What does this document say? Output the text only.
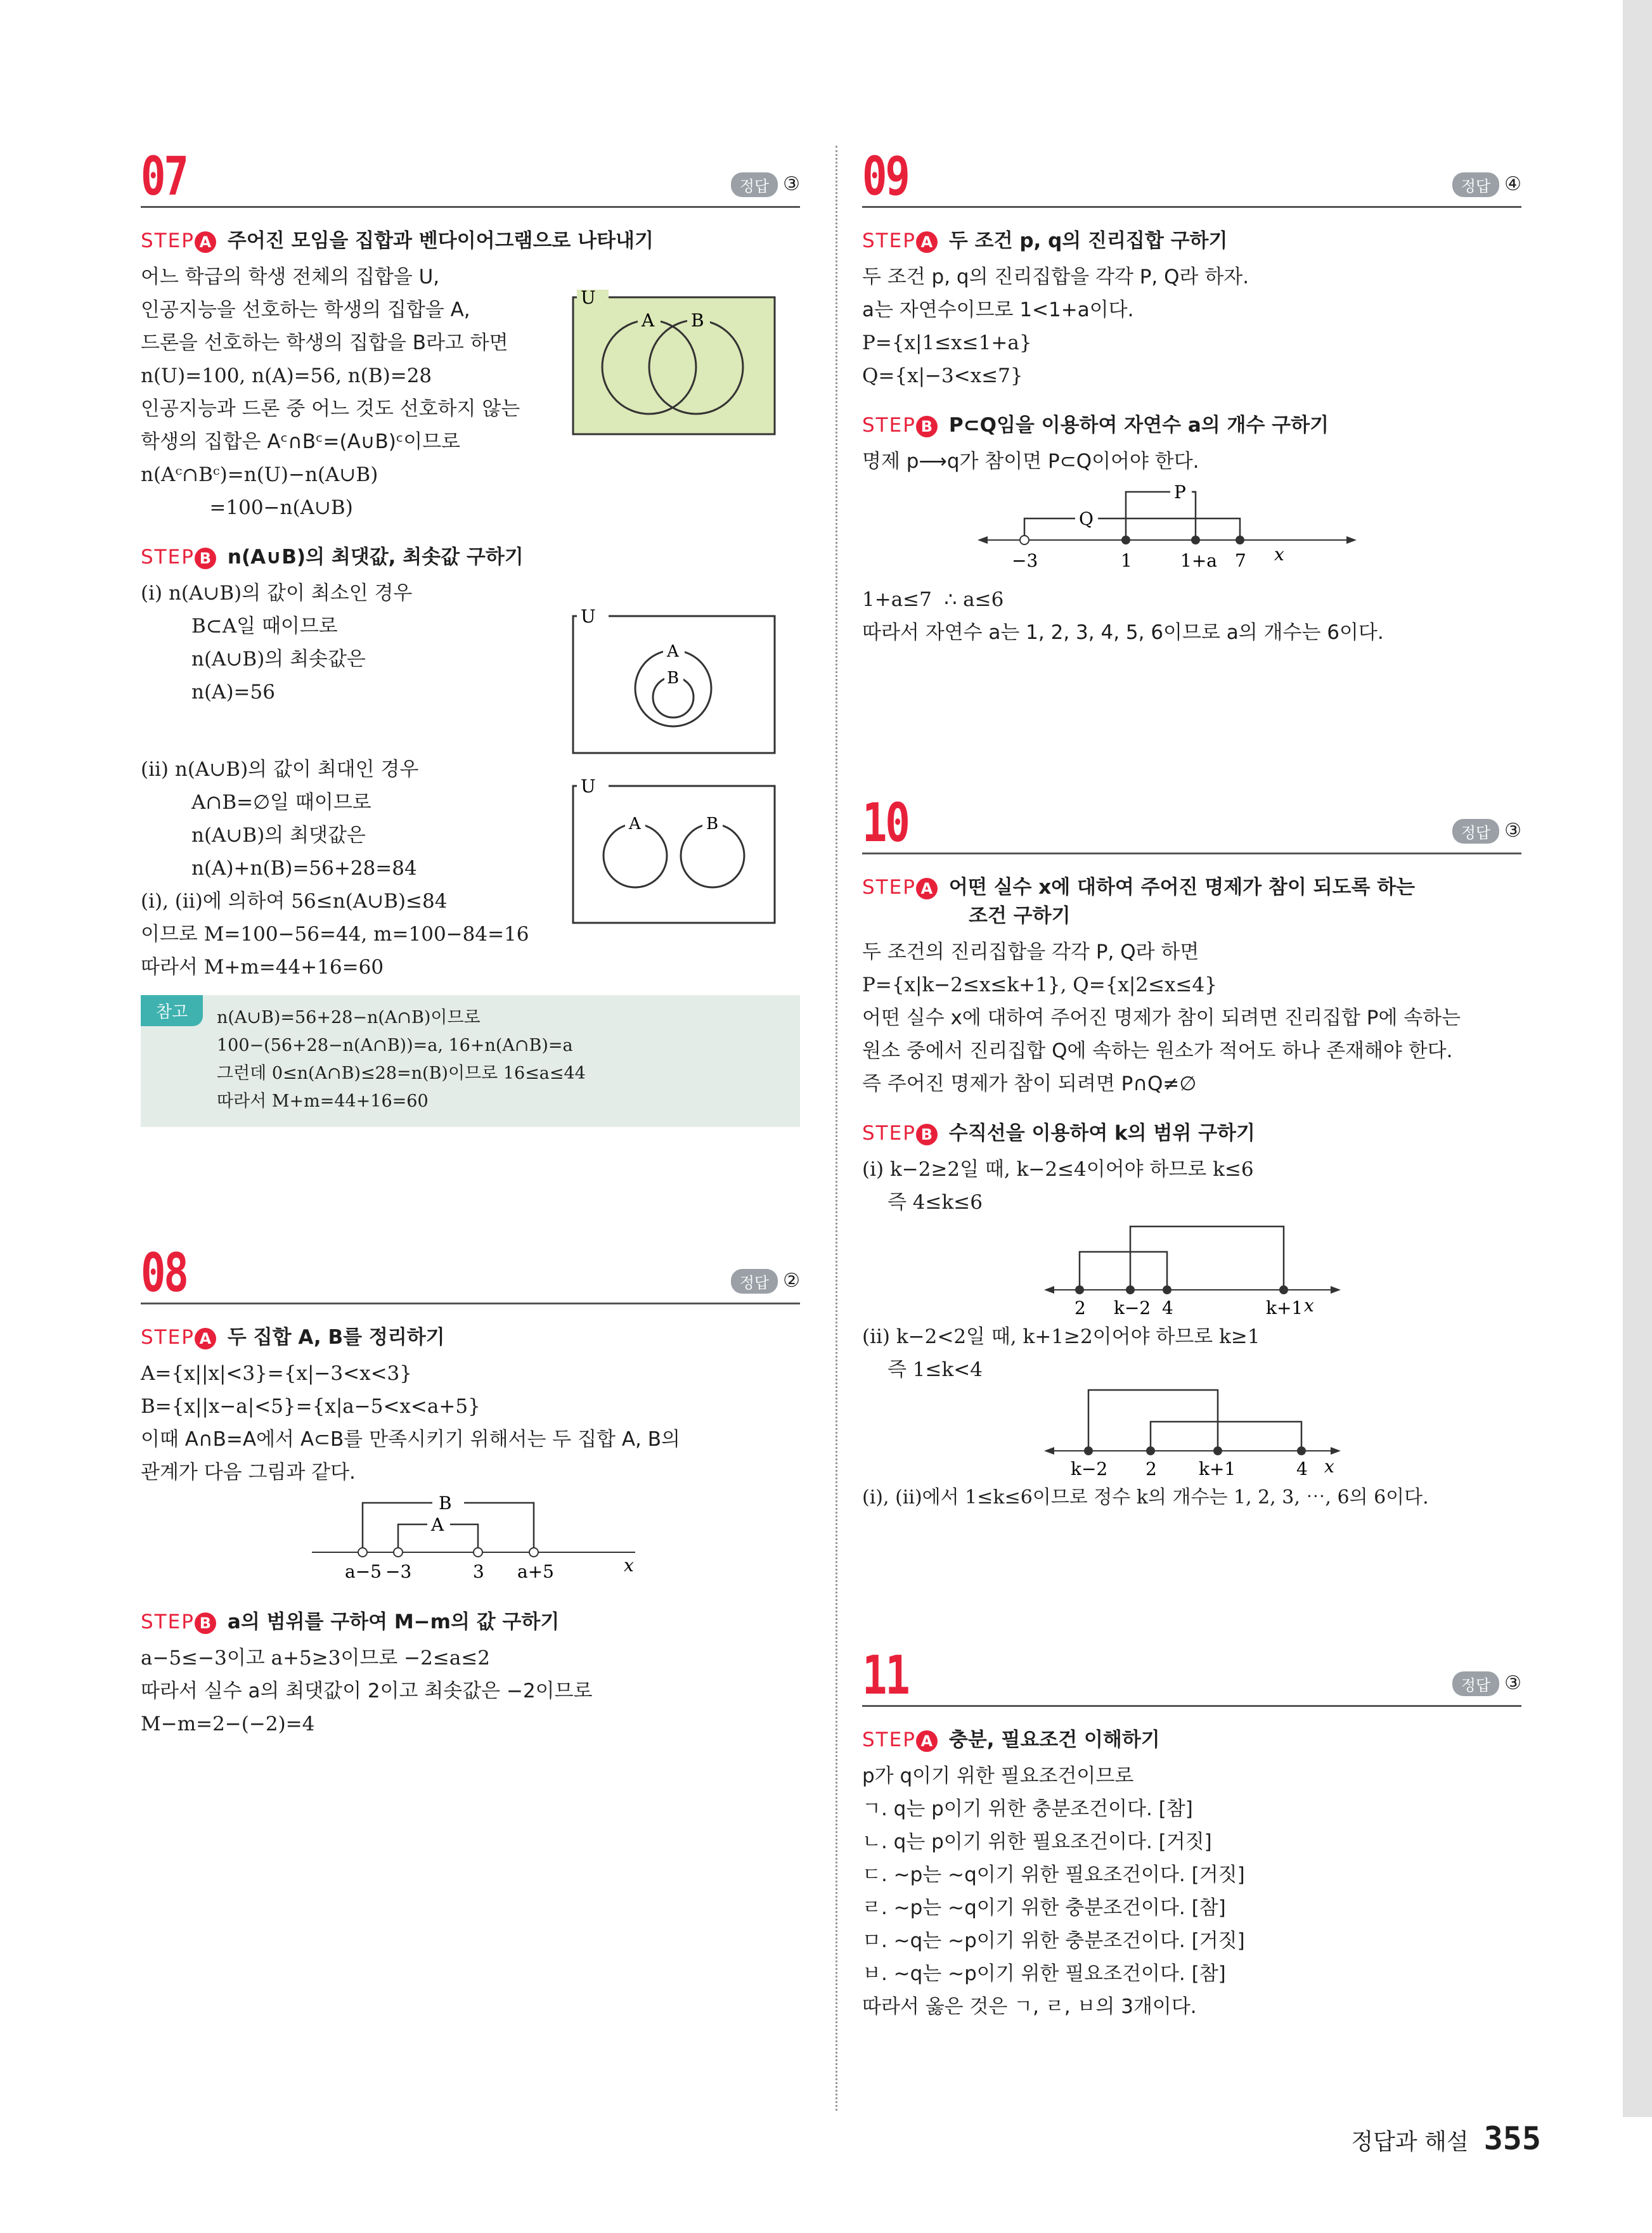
07	정답 ③
STEP A 주어진 모임을 집합과 벤다이어그램으로 나타내기
어느 학급의 학생 전체의 집합을 U,
인공지능을 선호하는 학생의 집합을 A,
드론을 선호하는 학생의 집합을 B라고 하면
n(U)=100, n(A)=56, n(B)=28
인공지능과 드론 중 어느 것도 선호하지 않는
학생의 집합은 Aᶜ∩Bᶜ=(A∪B)ᶜ이므로
n(Aᶜ∩Bᶜ)=n(U)−n(A∪B)
=100−n(A∪B)
U
A B
STEP B n(A∪B)의 최댓값, 최솟값 구하기
(ⅰ) n(A∪B)의 값이 최소인 경우
B⊂A일 때이므로
n(A∪B)의 최솟값은
n(A)=56
(ⅱ) n(A∪B)의 값이 최대인 경우
A∩B=∅일 때이므로
n(A∪B)의 최댓값은
n(A)+n(B)=56+28=84
(ⅰ), (ⅱ)에 의하여 56≤n(A∪B)≤84
이므로 M=100−56=44, m=100−84=16
따라서 M+m=44+16=60
U
A
B
U
A	B
참고	n(A∪B)=56+28−n(A∩B)이므로
100−(56+28−n(A∩B))=a, 16+n(A∩B)=a
그런데 0≤n(A∩B)≤28=n(B)이므로 16≤a≤44
따라서 M+m=44+16=60
08	정답 ②
STEP A 두 집합 A, B를 정리하기
A={x||x|<3}={x|−3<x<3}
B={x||x−a|<5}={x|a−5<x<a+5}
이때 A∩B=A에서 A⊂B를 만족시키기 위해서는 두 집합 A, B의
관계가 다음 그림과 같다.
B
A
a−5 −3	3 a+5	x
STEP B a의 범위를 구하여 M−m의 값 구하기
a−5≤−3이고 a+5≥3이므로 −2≤a≤2
따라서 실수 a의 최댓값이 2이고 최솟값은 −2이므로
M−m=2−(−2)=4
09	정답 ④
STEP A 두 조건 p, q의 진리집합 구하기
두 조건 p, q의 진리집합을 각각 P, Q라 하자.
a는 자연수이므로 1<1+a이다.
P={x|1≤x≤1+a}
Q={x|−3<x≤7}
STEP B P⊂Q임을 이용하여 자연수 a의 개수 구하기
명제 p⟶q가 참이면 P⊂Q이어야 한다.
Q
P
−3	1	1+a 7 x
1+a≤7  ∴ a≤6
따라서 자연수 a는 1, 2, 3, 4, 5, 6이므로 a의 개수는 6이다.
10	정답 ③
STEP A 어떤 실수 x에 대하여 주어진 명제가 참이 되도록 하는
조건 구하기
두 조건의 진리집합을 각각 P, Q라 하면
P={x|k−2≤x≤k+1}, Q={x|2≤x≤4}
어떤 실수 x에 대하여 주어진 명제가 참이 되려면 진리집합 P에 속하는
원소 중에서 진리집합 Q에 속하는 원소가 적어도 하나 존재해야 한다.
즉 주어진 명제가 참이 되려면 P∩Q≠∅
STEP B 수직선을 이용하여 k의 범위 구하기
(ⅰ) k−2≥2일 때, k−2≤4이어야 하므로 k≤6
즉 4≤k≤6
2 k−2 4	k+1 x
(ⅱ) k−2<2일 때, k+1≥2이어야 하므로 k≥1
즉 1≤k<4
k−2 2 k+1	4 x
(ⅰ), (ⅱ)에서 1≤k≤6이므로 정수 k의 개수는 1, 2, 3, ⋯, 6의 6이다.
11	정답 ③
STEP A 충분, 필요조건 이해하기
p가 q이기 위한 필요조건이므로
ㄱ. q는 p이기 위한 충분조건이다. [참]
ㄴ. q는 p이기 위한 필요조건이다. [거짓]
ㄷ. ~p는 ~q이기 위한 필요조건이다. [거짓]
ㄹ. ~p는 ~q이기 위한 충분조건이다. [참]
ㅁ. ~q는 ~p이기 위한 충분조건이다. [거짓]
ㅂ. ~q는 ~p이기 위한 필요조건이다. [참]
따라서 옳은 것은 ㄱ, ㄹ, ㅂ의 3개이다.
정답과 해설 355
